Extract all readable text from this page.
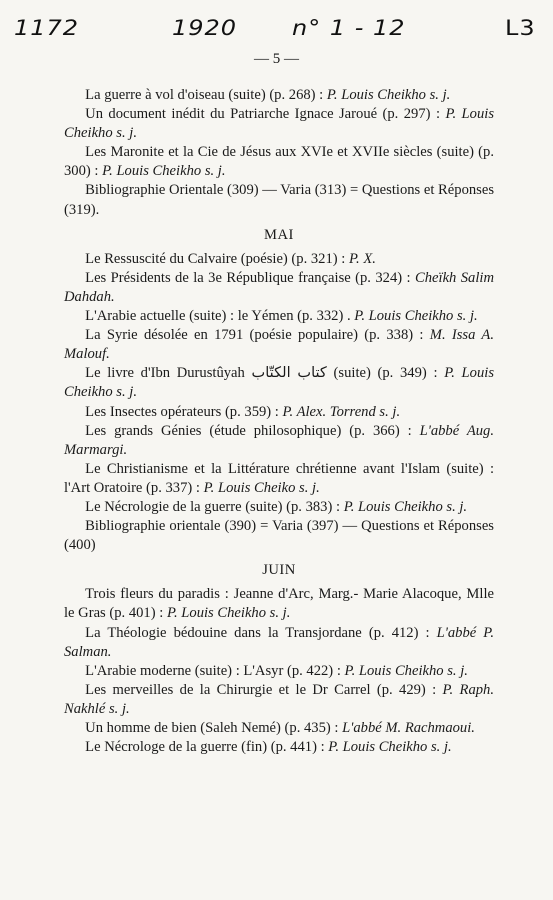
1172	1920 n° 1 - 12	L3
— 5 —

La guerre à vol d'oiseau (suite) (p. 268) : P. Louis Cheikho s. j.

Un document inédit du Patriarche Ignace Jaroué (p. 297) : P. Louis Cheikho s. j.

Les Maronite et la Cie de Jésus aux XVIe et XVIIe siècles (suite) (p. 300) : P. Louis Cheikho s. j.

Bibliographie Orientale (309) — Varia (313) = Questions et Réponses (319).

MAI

Le Ressuscité du Calvaire (poésie) (p. 321) : P. X.

Les Présidents de la 3e République française (p. 324) : Cheïkh Salim Dahdah.

L'Arabie actuelle (suite) : le Yémen (p. 332) . P. Louis Cheikho s. j.

La Syrie désolée en 1791 (poésie populaire) (p. 338) : M. Issa A. Malouf.

Le livre d'Ibn Durustûyah كتاب الكتّاب (suite) (p. 349) : P. Louis Cheikho s. j.

Les Insectes opérateurs (p. 359) : P. Alex. Torrend s. j.

Les grands Génies (étude philosophique) (p. 366) : L'abbé Aug. Marmargi.

Le Christianisme et la Littérature chrétienne avant l'Islam (suite) : l'Art Oratoire (p. 337) : P. Louis Cheiko s. j.

Le Nécrologie de la guerre (suite) (p. 383) : P. Louis Cheikho s. j.

Bibliographie orientale (390) = Varia (397) — Questions et Réponses (400)

JUIN

Trois fleurs du paradis : Jeanne d'Arc, Marg.- Marie Alacoque, Mlle le Gras (p. 401) : P. Louis Cheikho s. j.

La Théologie bédouine dans la Transjordane (p. 412) : L'abbé P. Salman.

L'Arabie moderne (suite) : L'Asyr (p. 422) : P. Louis Cheikho s. j.

Les merveilles de la Chirurgie et le Dr Carrel (p. 429) : P. Raph. Nakhlé s. j.

Un homme de bien (Saleh Nemé) (p. 435) : L'abbé M. Rachmaoui.

Le Nécrologe de la guerre (fin) (p. 441) : P. Louis Cheikho s. j.
